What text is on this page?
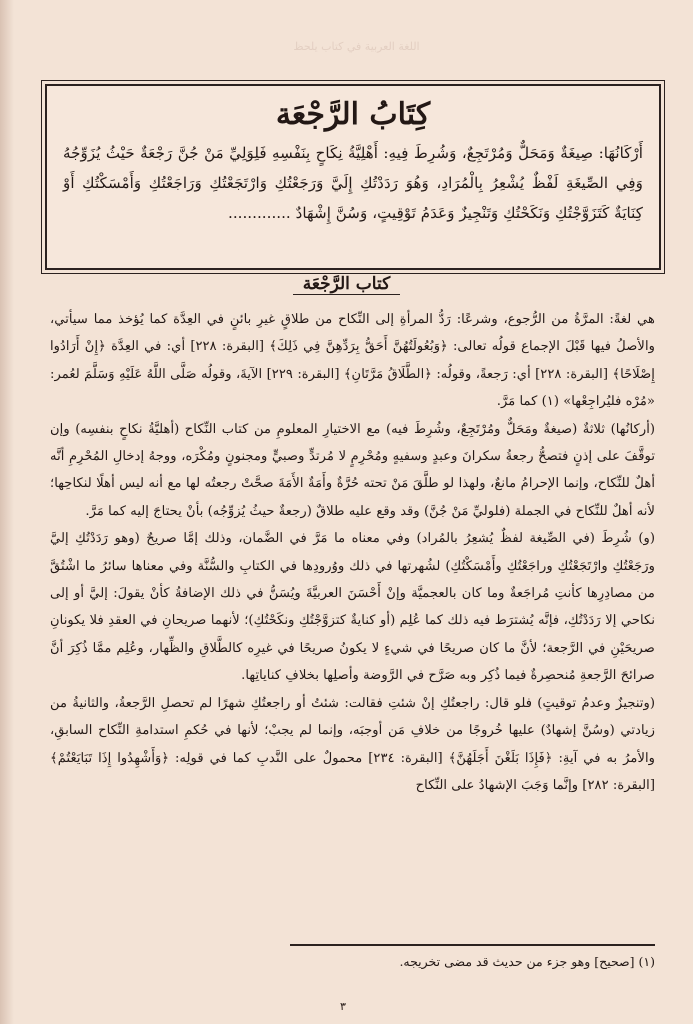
اللغة العربية في كتاب يلحظ
كِتَابُ الرَّجْعَة
أَرْكَانُهَا: صِيغَةٌ وَمَحَلٌّ وَمُرْتَجِعٌ، وَشُرِطَ فِيهِ: أَهْلِيَّةُ نِكَاحٍ بِنَفْسِهِ فَلِوَلِيِّ مَنْ جُنَّ رَجْعَةٌ حَيْثُ يُزَوِّجُهُ وَفِي الصِّيغَةِ لَفْظٌ يُشْعِرُ بِالْمُرَادِ، وَهُوَ رَدَدْتُكِ إِلَيَّ وَرَجَعْتُكِ وَارْتَجَعْتُكِ وَرَاجَعْتُكِ وَأَمْسَكْتُكِ أَوْ كِنَايَةٌ كَتَزَوَّجْتُكِ وَنَكَحْتُكِ وَتَنْجِيزٌ وَعَدَمُ تَوْقِيتٍ، وَسُنَّ إِشْهَادٌ .............
كتاب الرَّجْعَة

هي لغةً: المرَّةُ من الرُّجوع، وشرعًا: رَدُّ المرأةِ إلى النِّكاح من طلاقٍ غيرِ بائنٍ في العِدَّة كما يُؤخذ مما سيأتي، والأصلُ فيها قَبْلَ الإجماع قولُه تعالى: ﴿وَبُعُولَتُهُنَّ أَحَقُّ بِرَدِّهِنَّ فِي ذَلِكَ﴾ [البقرة: ٢٢٨] أي: في العِدَّة ﴿إِنْ أَرَادُوا إِصْلَاحًا﴾ [البقرة: ٢٢٨] أي: رَجعةً، وقولُه: ﴿الطَّلَاقُ مَرَّتَانِ﴾ [البقرة: ٢٢٩] الآيةَ، وقولُه صَلَّى اللَّهُ عَلَيْهِ وَسَلَّمَ لعُمر: «مُرْه فليُراجِعْها» (١) كما مَرَّ.

(أركانُها) ثلاثةٌ (صيغةٌ ومَحَلٌّ ومُرْتَجِعٌ، وشُرِطَ فيه) مع الاختيارِ المعلومِ من كتاب النِّكاح (أهليَّةُ نكاحٍ بنفسِه) وإن توقَّفَ على إذنٍ فتصحُّ رجعةُ سكرانَ وعبدٍ وسفيهٍ ومُحْرِمٍ لا مُرتدٍّ وصبيٍّ ومجنونٍ ومُكْرَه، ووجهُ إدخالِ المُحْرِمِ أنَّه أهلٌ للنِّكاح، وإنما الإحرامُ مانعٌ، ولهذا لو طلَّقَ مَنْ تحته حُرَّةٌ وأَمَةٌ الأَمَةَ صحَّتْ رجعتُه لها مع أنه ليس أهلًا لنكاحِها؛ لأنه أهلٌ للنِّكاح في الجملة (فلوليِّ مَنْ جُنَّ) وقد وقع عليه طلاقٌ (رجعةٌ حيثُ يُزوِّجُه) بأنْ يحتاجَ إليه كما مَرَّ.

(و) شُرِطَ (في الصِّيغة لفظٌ يُشعِرُ بالمُراد) وفي معناه ما مَرَّ في الضَّمان، وذلك إمَّا صريحٌ (وهو رَدَدْتُكِ إليَّ ورَجَعْتُكِ وارْتَجَعْتُكِ وراجَعْتُكِ وأَمْسَكْتُكِ) لشُهرتها في ذلك ووُرودِها في الكتابِ والسُّنَّة وفي معناها سائرُ ما اشْتُقَّ من مصادِرِها كأنتِ مُراجَعةٌ وما كان بالعجميَّة وإنْ أَحْسَنَ العربيَّةَ ويُسَنُّ في ذلك الإضافةُ كأنْ يقولَ: إليَّ أو إلى نكاحي إلا رَدَدْتُكِ، فإنَّه يُشترَط فيه ذلك كما عُلِم (أو كنايةٌ كتزوَّجْتُكِ ونكَحْتُكِ)؛ لأنهما صريحانِ في العقدِ فلا يكونانِ صريحَيْنِ في الرَّجعة؛ لأنَّ ما كان صريحًا في شيءٍ لا يكونُ صريحًا في غيرِه كالطَّلاقِ والظِّهار، وعُلِم ممَّا ذُكِرَ أنَّ صرائحَ الرَّجعةِ مُنحصِرةٌ فيما ذُكِر وبه صَرَّح في الرَّوضة وأصلِها بخلافِ كناياتِها.

(وتنجيزٌ وعدمُ توقيتٍ) فلو قال: راجعتُكِ إنْ شئتِ فقالت: شئتُ أو راجعتُكِ شهرًا لم تحصلِ الرَّجعةُ، والثانيةُ من زيادتي (وسُنَّ إشهادٌ) عليها خُروجًا من خلافِ مَن أوجبَه، وإنما لم يجبْ؛ لأنها في حُكمِ استدامةِ النِّكاح السابقِ، والأمرُ به في آيةِ: ﴿فَإِذَا بَلَغْنَ أَجَلَهُنَّ﴾ [البقرة: ٢٣٤] محمولٌ على النَّدبِ كما في قولِه: ﴿وَأَشْهِدُوا إِذَا تَبَايَعْتُمْ﴾ [البقرة: ٢٨٢] وإنَّما وَجَبَ الإشهادُ على النِّكاح

(١) [صحيح] وهو جزء من حديث قد مضى تخريجه.
٣
